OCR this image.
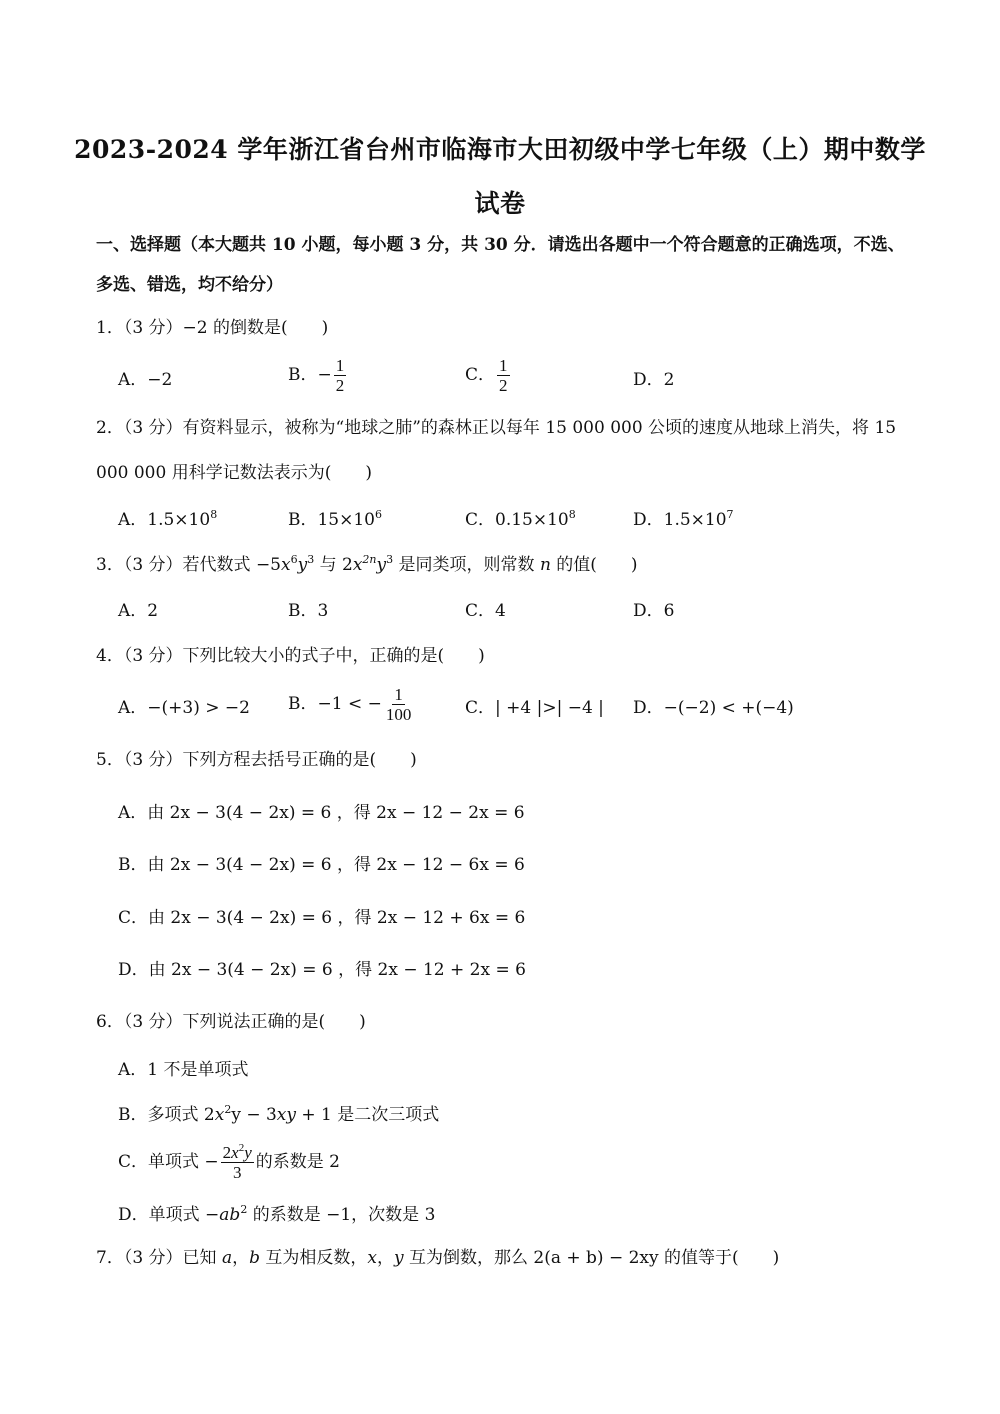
2023-2024 学年浙江省台州市临海市大田初级中学七年级（上）期中数学
试卷
一、选择题（本大题共 10 小题，每小题 3 分，共 30 分．请选出各题中一个符合题意的正确选项，不选、
多选、错选，均不给分）
1．（3 分）−2 的倒数是(　　)
A．−2	B．− $\frac{1}{2}$	C． $\frac{1}{2}$	D．2
2．（3 分）有资料显示，被称为“地球之肺”的森林正以每年 15 000 000 公顷的速度从地球上消失，将 15
000 000 用科学记数法表示为(　　)
A．$1.5\times 10^8$	B．$15\times 10^6$	C．$0.15\times 10^8$	D．$1.5\times 10^7$
3．（3 分）若代数式 $-5x^6y^3$ 与 $2x^{2n}y^3$ 是同类项，则常数 n 的值(　　)
A．2	B．3	C．4	D．6
4．（3 分）下列比较大小的式子中，正确的是(　　)
A．−(+3) > −2 B．−1 < − $\frac{1}{100}$	C．| +4 |>| −4 | D．−(−2) < +(−4)
5．（3 分）下列方程去括号正确的是(　　)
A．由 2x − 3(4 − 2x) = 6 ，得 2x − 12 − 2x = 6
B．由 2x − 3(4 − 2x) = 6 ，得 2x − 12 − 6x = 6
C．由 2x − 3(4 − 2x) = 6 ，得 2x − 12 + 6x = 6
D．由 2x − 3(4 − 2x) = 6 ，得 2x − 12 + 2x = 6
6．（3 分）下列说法正确的是(　　)
A．1 不是单项式
B．多项式 $2x^2y - 3xy + 1$ 是二次三项式
C．单项式 − $\frac{2x^2y}{3}$ 的系数是 2
D．单项式 $-ab^2$ 的系数是 −1，次数是 3
7．（3 分）已知 a，b 互为相反数，x，y 互为倒数，那么 2(a + b) − 2xy 的值等于(　　)
